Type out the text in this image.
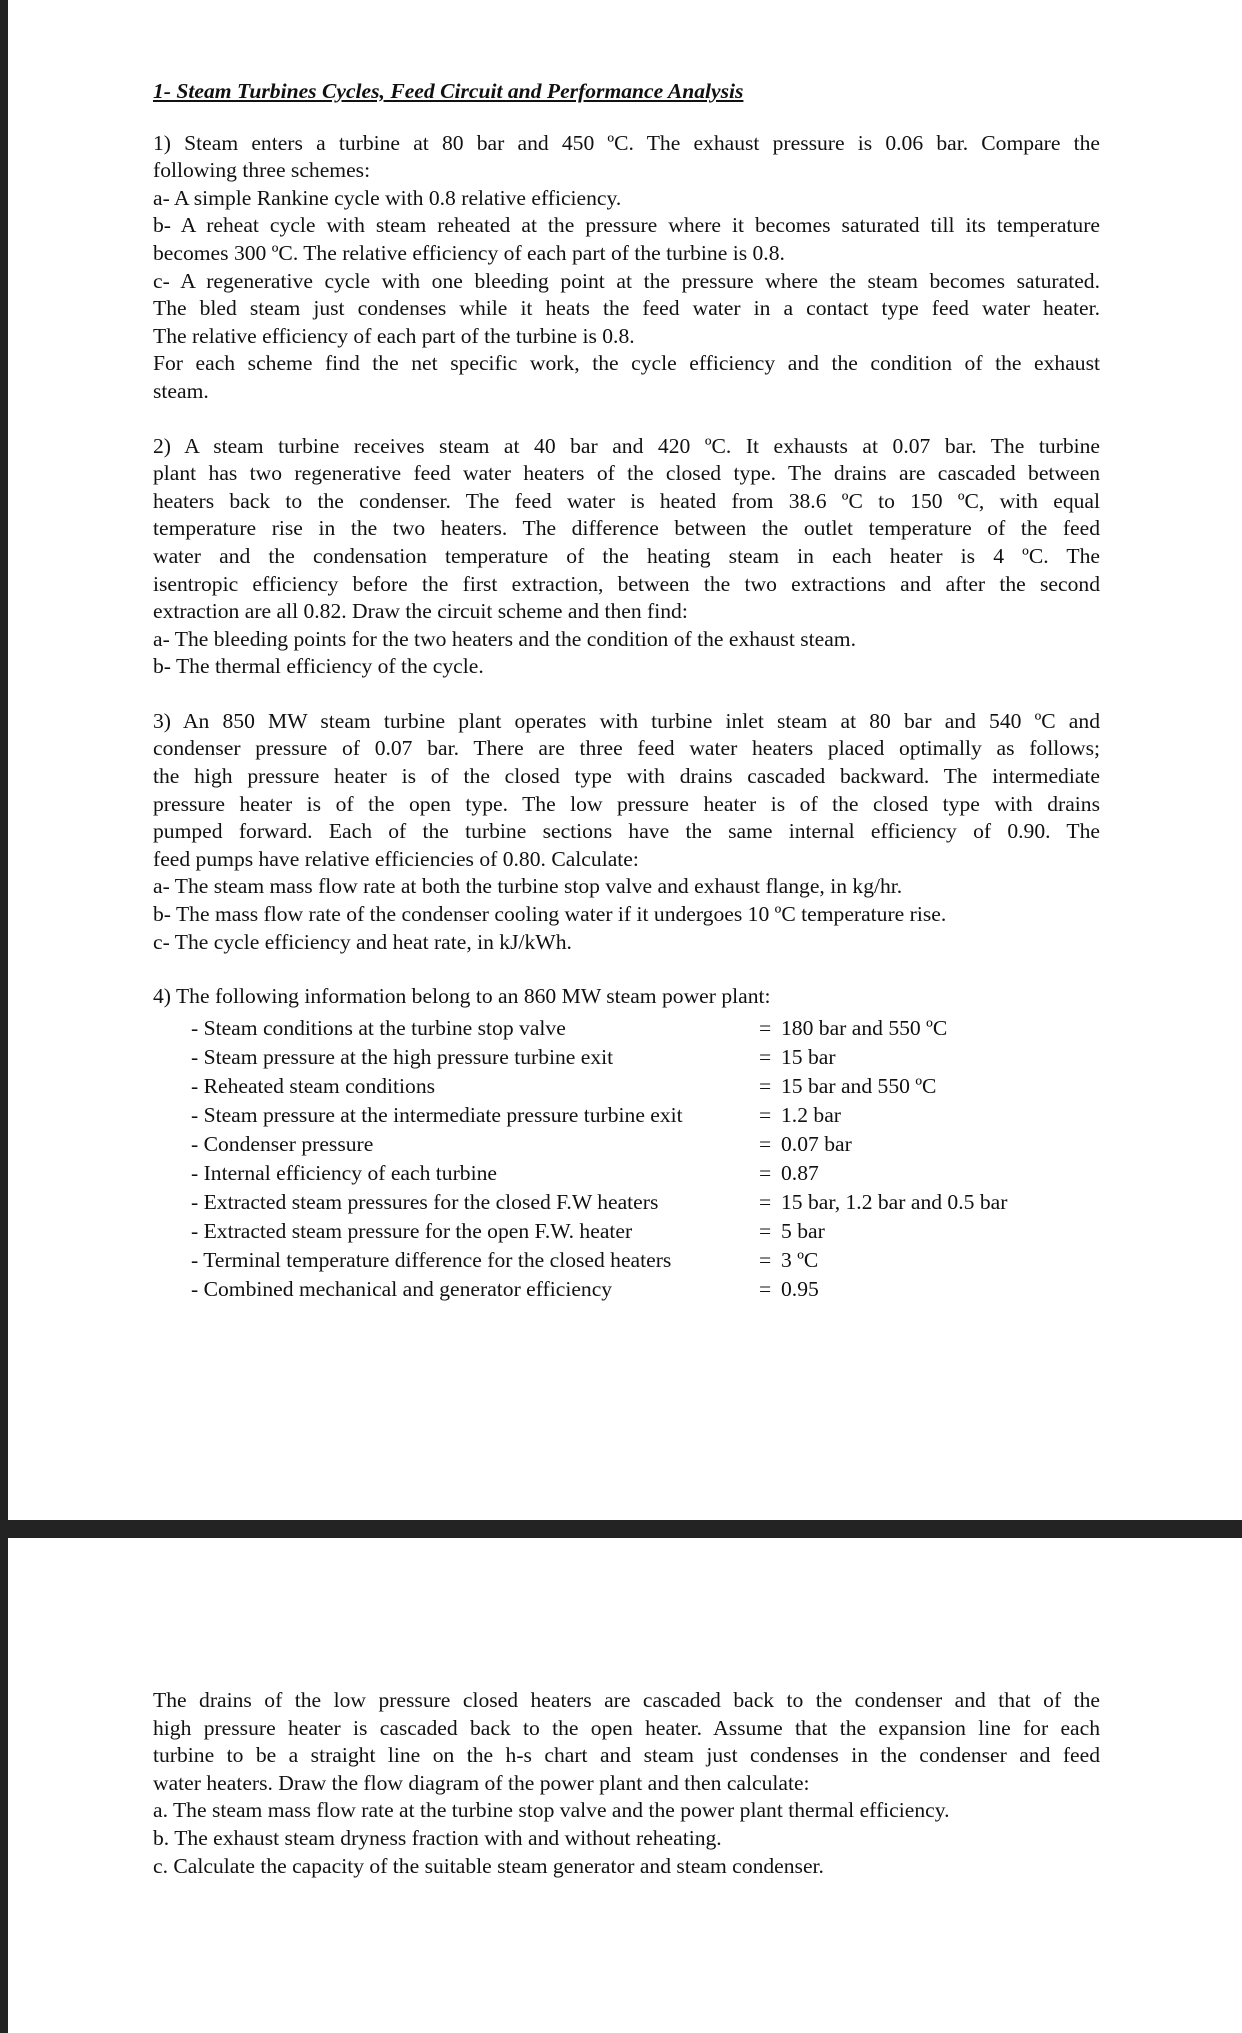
1- Steam Turbines Cycles, Feed Circuit and Performance Analysis
1) Steam enters a turbine at 80 bar and 450 ºC. The exhaust pressure is 0.06 bar. Compare the
following three schemes:
a- A simple Rankine cycle with 0.8 relative efficiency.
b- A reheat cycle with steam reheated at the pressure where it becomes saturated till its temperature
becomes 300 ºC. The relative efficiency of each part of the turbine is 0.8.
c- A regenerative cycle with one bleeding point at the pressure where the steam becomes saturated.
The bled steam just condenses while it heats the feed water in a contact type feed water heater.
The relative efficiency of each part of the turbine is 0.8.
For each scheme find the net specific work, the cycle efficiency and the condition of the exhaust
steam.
2) A steam turbine receives steam at 40 bar and 420 ºC. It exhausts at 0.07 bar. The turbine
plant has two regenerative feed water heaters of the closed type. The drains are cascaded between
heaters back to the condenser. The feed water is heated from 38.6 ºC to 150 ºC, with equal
temperature rise in the two heaters. The difference between the outlet temperature of the feed
water and the condensation temperature of the heating steam in each heater is 4 ºC. The
isentropic efficiency before the first extraction, between the two extractions and after the second
extraction are all 0.82. Draw the circuit scheme and then find:
a- The bleeding points for the two heaters and the condition of the exhaust steam.
b- The thermal efficiency of the cycle.
3) An 850 MW steam turbine plant operates with turbine inlet steam at 80 bar and 540 ºC and
condenser pressure of 0.07 bar. There are three feed water heaters placed optimally as follows;
the high pressure heater is of the closed type with drains cascaded backward. The intermediate
pressure heater is of the open type. The low pressure heater is of the closed type with drains
pumped forward. Each of the turbine sections have the same internal efficiency of 0.90. The
feed pumps have relative efficiencies of 0.80. Calculate:
a- The steam mass flow rate at both the turbine stop valve and exhaust flange, in kg/hr.
b- The mass flow rate of the condenser cooling water if it undergoes 10 ºC temperature rise.
c- The cycle efficiency and heat rate, in kJ/kWh.
4) The following information belong to an 860 MW steam power plant:
- Steam conditions at the turbine stop valve	= 180 bar and 550 ºC
- Steam pressure at the high pressure turbine exit	= 15 bar
- Reheated steam conditions	= 15 bar and 550 ºC
- Steam pressure at the intermediate pressure turbine exit	= 1.2 bar
- Condenser pressure	= 0.07 bar
- Internal efficiency of each turbine	= 0.87
- Extracted steam pressures for the closed F.W heaters	= 15 bar, 1.2 bar and 0.5 bar
- Extracted steam pressure for the open F.W. heater	= 5 bar
- Terminal temperature difference for the closed heaters	= 3 ºC
- Combined mechanical and generator efficiency	= 0.95
The drains of the low pressure closed heaters are cascaded back to the condenser and that of the
high pressure heater is cascaded back to the open heater. Assume that the expansion line for each
turbine to be a straight line on the h-s chart and steam just condenses in the condenser and feed
water heaters. Draw the flow diagram of the power plant and then calculate:
a. The steam mass flow rate at the turbine stop valve and the power plant thermal efficiency.
b. The exhaust steam dryness fraction with and without reheating.
c. Calculate the capacity of the suitable steam generator and steam condenser.
